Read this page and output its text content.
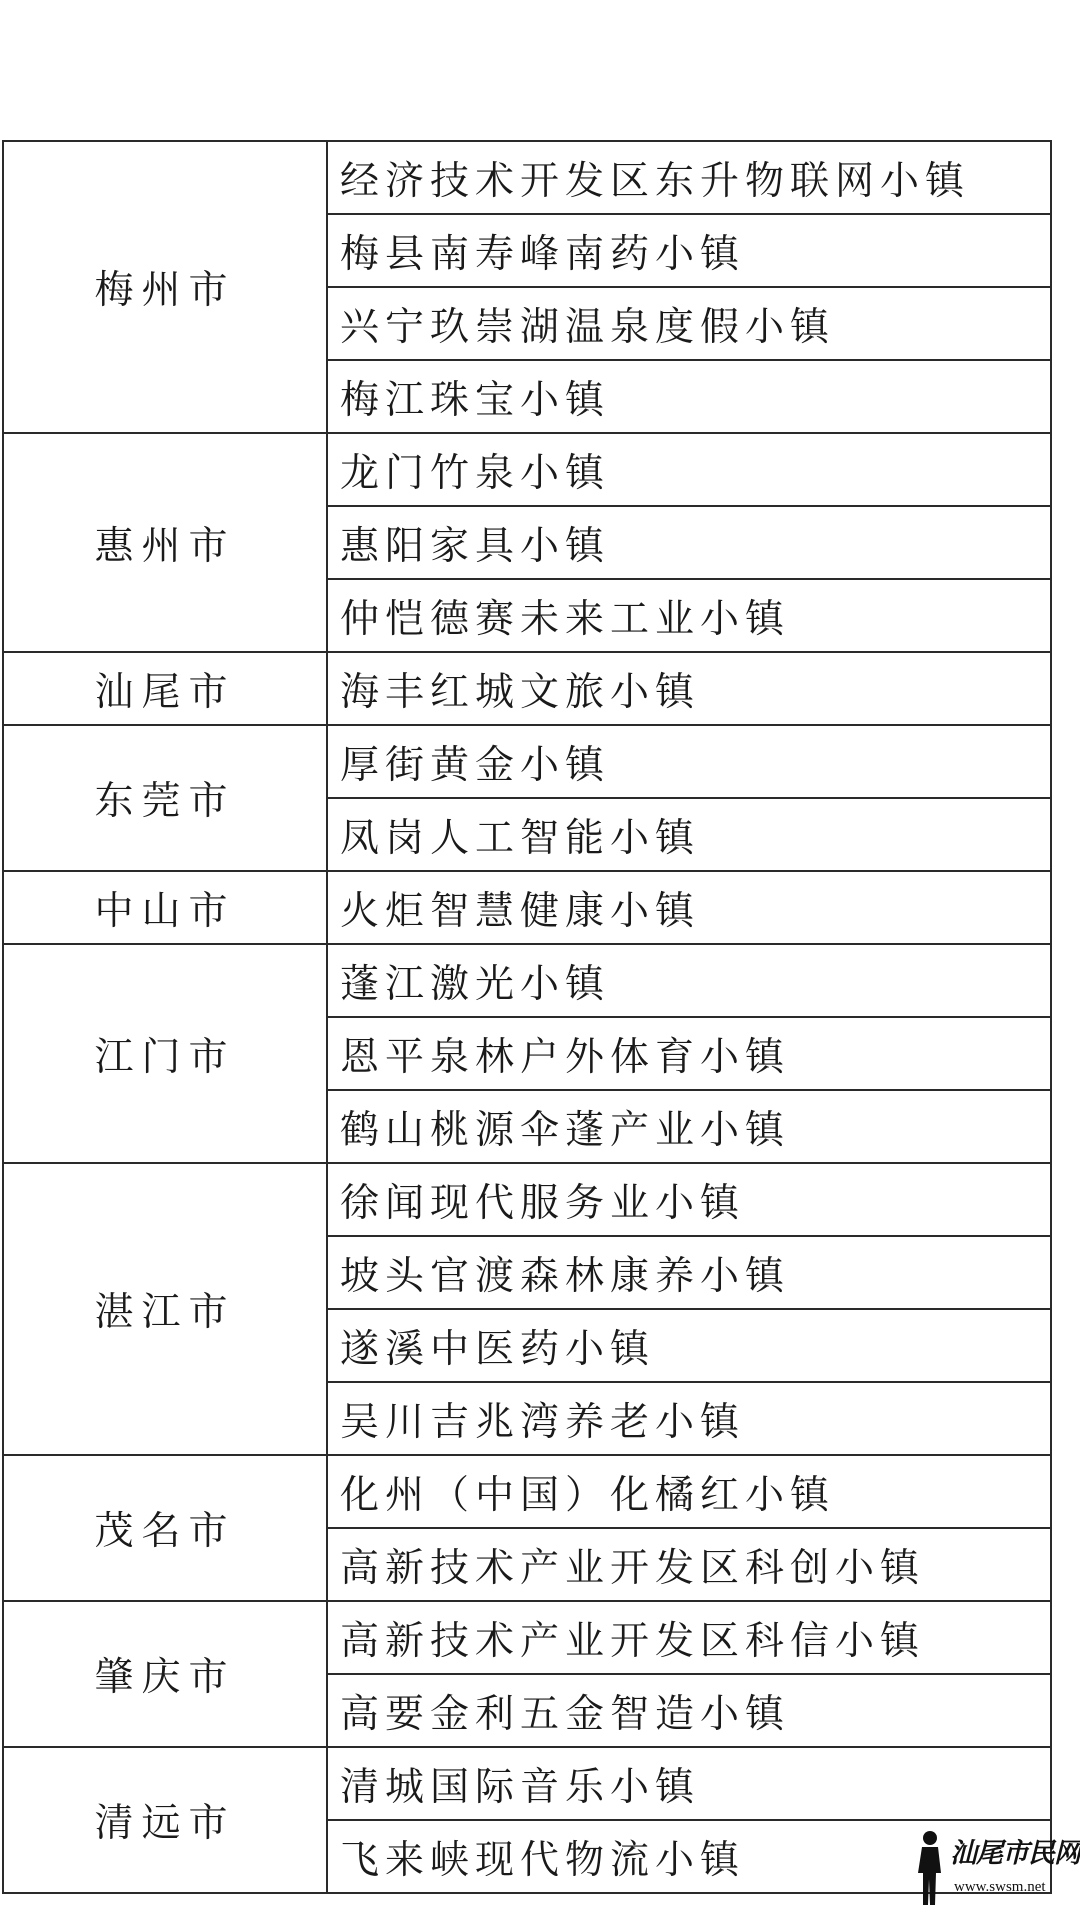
梅州市	经济技术开发区东升物联网小镇
	梅县南寿峰南药小镇
	兴宁玖崇湖温泉度假小镇
	梅江珠宝小镇
惠州市	龙门竹泉小镇
	惠阳家具小镇
	仲恺德赛未来工业小镇
汕尾市	海丰红城文旅小镇
东莞市	厚街黄金小镇
	凤岗人工智能小镇
中山市	火炬智慧健康小镇
江门市	蓬江激光小镇
	恩平泉林户外体育小镇
	鹤山桃源伞蓬产业小镇
湛江市	徐闻现代服务业小镇
	坡头官渡森林康养小镇
	遂溪中医药小镇
	吴川吉兆湾养老小镇
茂名市	化州（中国）化橘红小镇
	高新技术产业开发区科创小镇
肇庆市	高新技术产业开发区科信小镇
	高要金利五金智造小镇
清远市	清城国际音乐小镇
	飞来峡现代物流小镇	汕尾市民网
www.swsm.net
